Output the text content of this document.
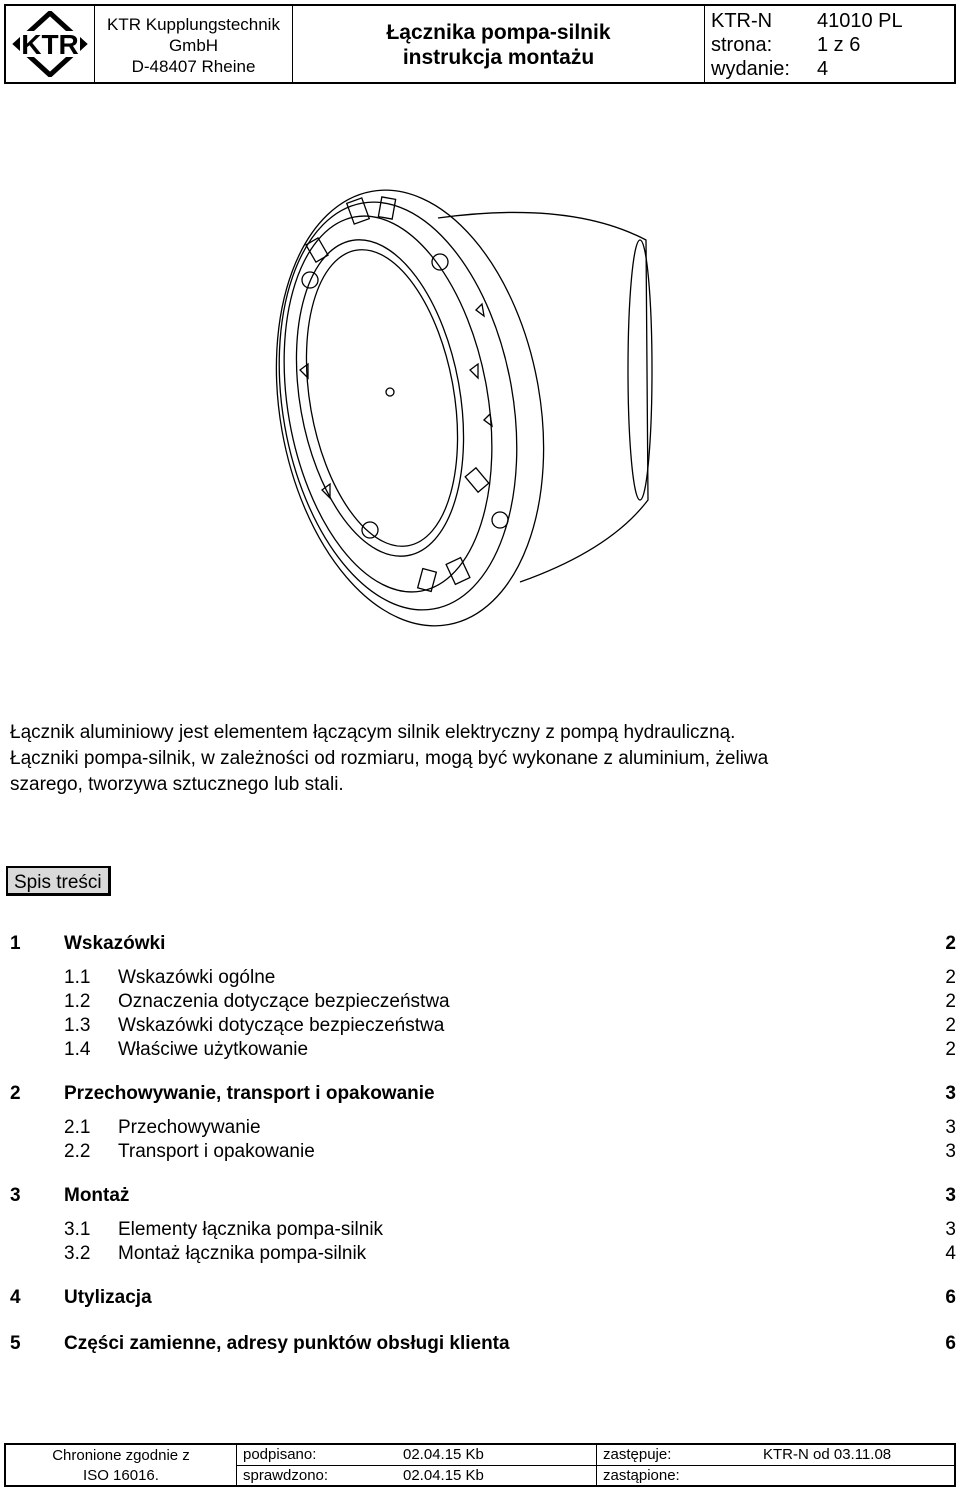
KTR
KTR Kupplungstechnik
GmbH
D-48407 Rheine
Łącznika pompa-silnik
instrukcja montażu
KTR-N	41010 PL
strona:	1 z 6
wydanie:	4

Łącznik aluminiowy jest elementem łączącym silnik elektryczny z pompą hydrauliczną.

Łączniki pompa-silnik, w zależności od rozmiaru, mogą być wykonane z aluminium, żeliwa

szarego, tworzywa sztucznego lub stali.

Spis treści
1	Wskazówki	2
1.1	Wskazówki ogólne	2
1.2	Oznaczenia dotyczące bezpieczeństwa	2
1.3	Wskazówki dotyczące bezpieczeństwa	2
1.4	Właściwe użytkowanie	2
2	Przechowywanie, transport i opakowanie	3
2.1	Przechowywanie	3
2.2	Transport i opakowanie	3
3	Montaż	3
3.1	Elementy łącznika pompa-silnik	3
3.2	Montaż łącznika pompa-silnik	4
4	Utylizacja	6
5	Części zamienne, adresy punktów obsługi klienta	6
Chronione zgodnie z
ISO 16016.
podpisano:	02.04.15 Kb	zastępuje:	KTR-N od 03.11.08
sprawdzono:	02.04.15 Kb	zastąpione:
